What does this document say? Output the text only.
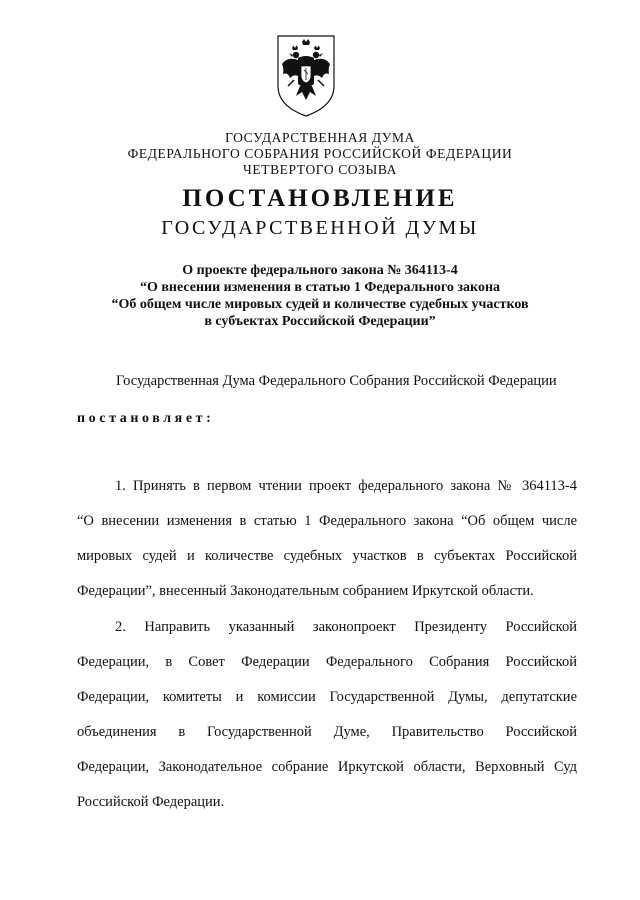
ГОСУДАРСТВЕННАЯ ДУМА
ФЕДЕРАЛЬНОГО СОБРАНИЯ РОССИЙСКОЙ ФЕДЕРАЦИИ
ЧЕТВЕРТОГО СОЗЫВА
ПОСТАНОВЛЕНИЕ
ГОСУДАРСТВЕННОЙ ДУМЫ
О проекте федерального закона № 364113-4
“О внесении изменения в статью 1 Федерального закона
“Об общем числе мировых судей и количестве судебных участков
в субъектах Российской Федерации”
Государственная Дума Федерального Собрания Российской Федерации
постановляет:
1. Принять в первом чтении проект федерального закона № 364113-4
“О внесении изменения в статью 1 Федерального закона “Об общем числе
мировых судей и количестве судебных участков в субъектах Российской
Федерации”, внесенный Законодательным собранием Иркутской области.
2. Направить указанный законопроект Президенту Российской
Федерации, в Совет Федерации Федерального Собрания Российской
Федерации, комитеты и комиссии Государственной Думы, депутатские
объединения в Государственной Думе, Правительство Российской
Федерации, Законодательное собрание Иркутской области, Верховный Суд
Российской Федерации.
